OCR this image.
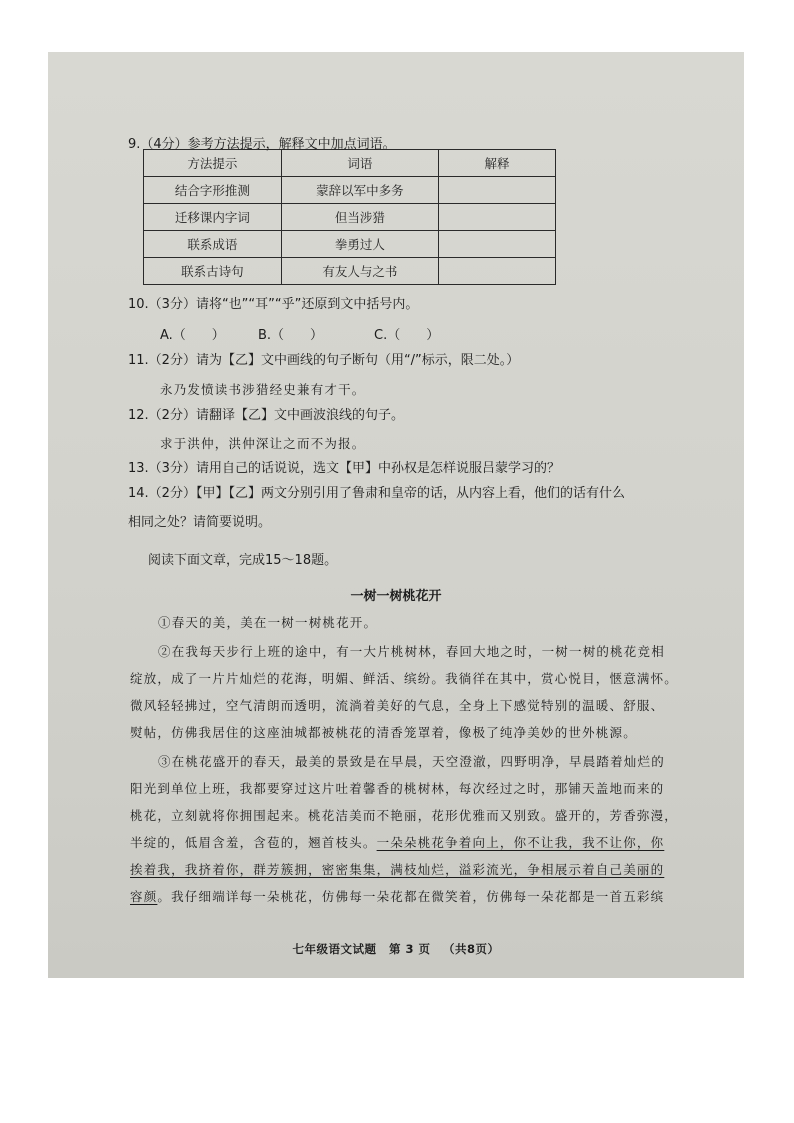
9.（4分）参考方法提示，解释文中加点词语。
方法提示	词语	解释
结合字形推测	蒙辞以军中多务	
迁移课内字词	但当涉猎	
联系成语	拳勇过人	
联系古诗句	有友人与之书	
10.（3分）请将“也”“耳”“乎”还原到文中括号内。
A.（　　）	B.（　　）	C.（　　）
11.（2分）请为【乙】文中画线的句子断句（用“/”标示，限二处。）
永乃发愤读书涉猎经史兼有才干。
12.（2分）请翻译【乙】文中画波浪线的句子。
求于洪仲，洪仲深让之而不为报。
13.（3分）请用自己的话说说，选文【甲】中孙权是怎样说服吕蒙学习的？
14.（2分）【甲】【乙】两文分别引用了鲁肃和皇帝的话，从内容上看，他们的话有什么
相同之处？请简要说明。
阅读下面文章，完成15～18题。
一树一树桃花开
①春天的美，美在一树一树桃花开。
②在我每天步行上班的途中，有一大片桃树林，春回大地之时，一树一树的桃花竞相
绽放，成了一片片灿烂的花海，明媚、鲜活、缤纷。我徜徉在其中，赏心悦目，惬意满怀。
微风轻轻拂过，空气清朗而透明，流淌着美好的气息，全身上下感觉特别的温暖、舒服、
熨帖，仿佛我居住的这座油城都被桃花的清香笼罩着，像极了纯净美妙的世外桃源。
③在桃花盛开的春天，最美的景致是在早晨，天空澄澈，四野明净，早晨踏着灿烂的
阳光到单位上班，我都要穿过这片吐着馨香的桃树林，每次经过之时，那铺天盖地而来的
桃花，立刻就将你拥围起来。桃花洁美而不艳丽，花形优雅而又别致。盛开的，芳香弥漫，
半绽的，低眉含羞，含苞的，翘首枝头。一朵朵桃花争着向上，你不让我，我不让你，你
挨着我，我挤着你，群芳簇拥，密密集集，满枝灿烂，溢彩流光，争相展示着自己美丽的
容颜。我仔细端详每一朵桃花，仿佛每一朵花都在微笑着，仿佛每一朵花都是一首五彩缤
七年级语文试题 第 3 页 （共8页）
